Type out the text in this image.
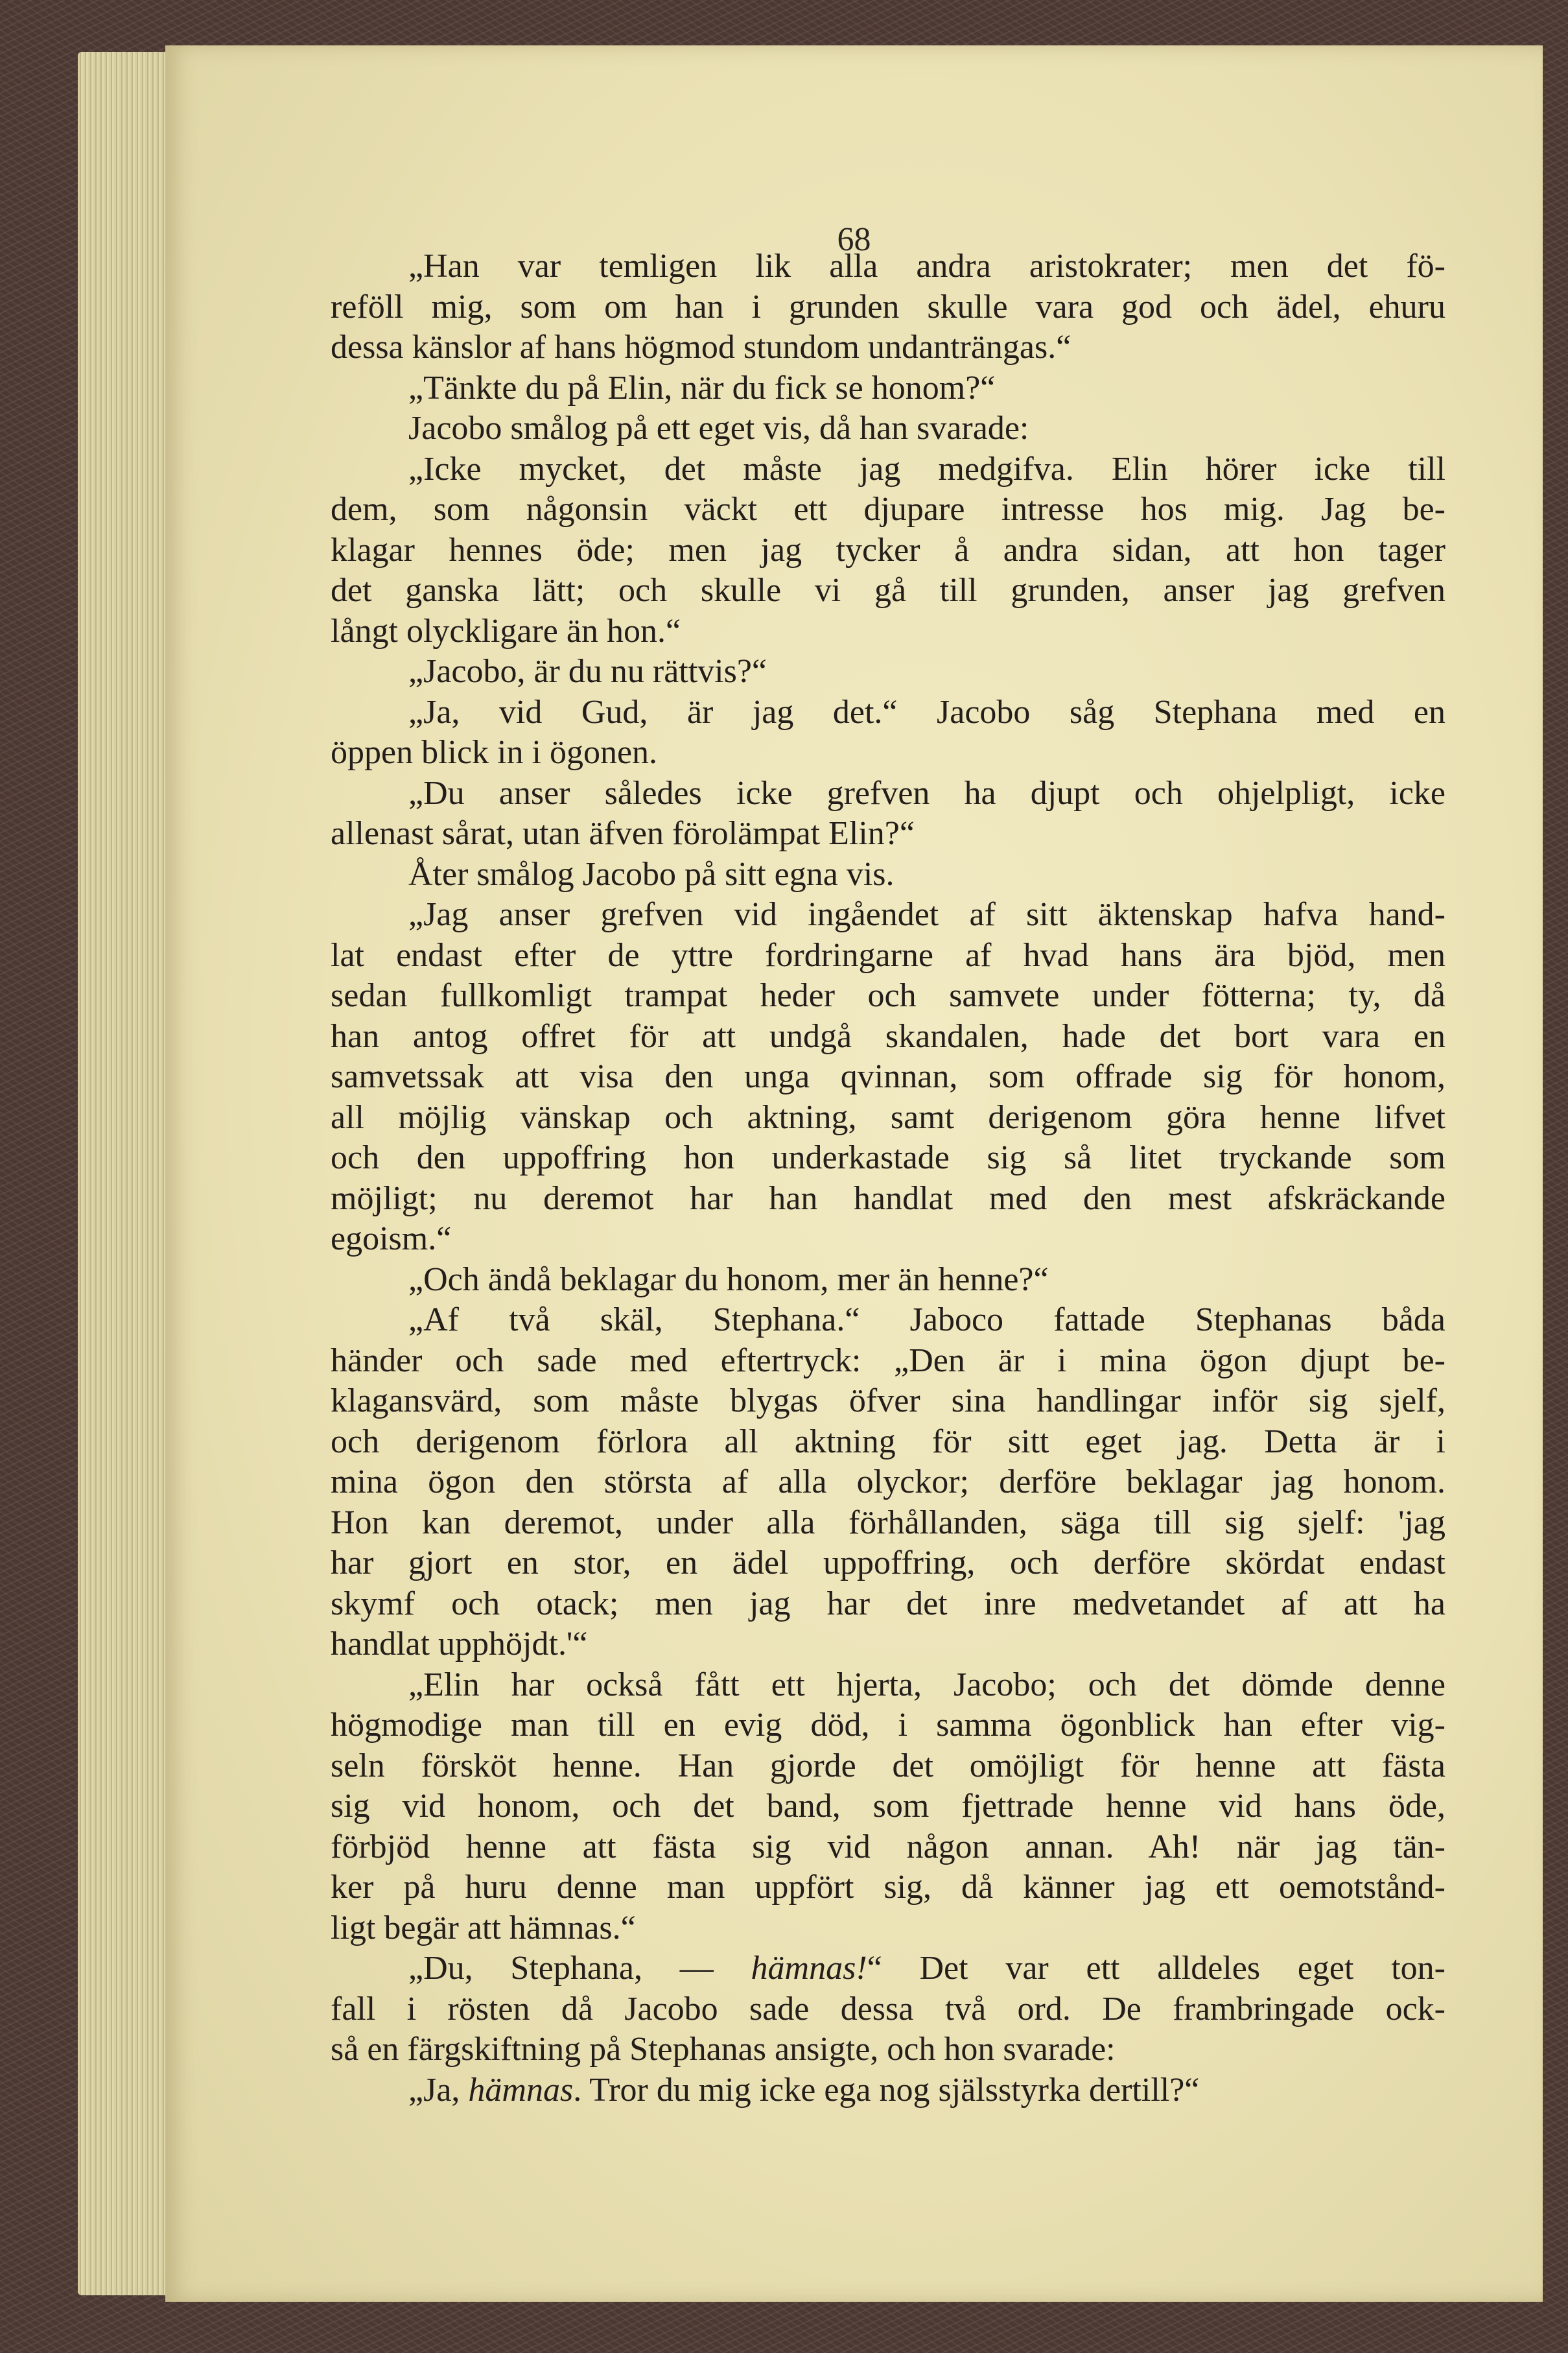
68
„Han var temligen lik alla andra aristokrater; men det fö-
reföll mig, som om han i grunden skulle vara god och ädel, ehuru
dessa känslor af hans högmod stundom undanträngas.“
„Tänkte du på Elin, när du fick se honom?“
Jacobo smålog på ett eget vis, då han svarade:
„Icke mycket, det måste jag medgifva. Elin hörer icke till
dem, som någonsin väckt ett djupare intresse hos mig. Jag be-
klagar hennes öde; men jag tycker å andra sidan, att hon tager
det ganska lätt; och skulle vi gå till grunden, anser jag grefven
långt olyckligare än hon.“
„Jacobo, är du nu rättvis?“
„Ja, vid Gud, är jag det.“ Jacobo såg Stephana med en
öppen blick in i ögonen.
„Du anser således icke grefven ha djupt och ohjelpligt, icke
allenast sårat, utan äfven förolämpat Elin?“
Åter smålog Jacobo på sitt egna vis.
„Jag anser grefven vid ingåendet af sitt äktenskap hafva hand-
lat endast efter de yttre fordringarne af hvad hans ära bjöd, men
sedan fullkomligt trampat heder och samvete under fötterna; ty, då
han antog offret för att undgå skandalen, hade det bort vara en
samvetssak att visa den unga qvinnan, som offrade sig för honom,
all möjlig vänskap och aktning, samt derigenom göra henne lifvet
och den uppoffring hon underkastade sig så litet tryckande som
möjligt; nu deremot har han handlat med den mest afskräckande
egoism.“
„Och ändå beklagar du honom, mer än henne?“
„Af två skäl, Stephana.“ Jaboco fattade Stephanas båda
händer och sade med eftertryck: „Den är i mina ögon djupt be-
klagansvärd, som måste blygas öfver sina handlingar inför sig sjelf,
och derigenom förlora all aktning för sitt eget jag. Detta är i
mina ögon den största af alla olyckor; derföre beklagar jag honom.
Hon kan deremot, under alla förhållanden, säga till sig sjelf: 'jag
har gjort en stor, en ädel uppoffring, och derföre skördat endast
skymf och otack; men jag har det inre medvetandet af att ha
handlat upphöjdt.'“
„Elin har också fått ett hjerta, Jacobo; och det dömde denne
högmodige man till en evig död, i samma ögonblick han efter vig-
seln försköt henne. Han gjorde det omöjligt för henne att fästa
sig vid honom, och det band, som fjettrade henne vid hans öde,
förbjöd henne att fästa sig vid någon annan. Ah! när jag tän-
ker på huru denne man uppfört sig, då känner jag ett oemotstånd-
ligt begär att hämnas.“
„Du, Stephana, — hämnas!“ Det var ett alldeles eget ton-
fall i rösten då Jacobo sade dessa två ord. De frambringade ock-
så en färgskiftning på Stephanas ansigte, och hon svarade:
„Ja, hämnas. Tror du mig icke ega nog själsstyrka dertill?“
